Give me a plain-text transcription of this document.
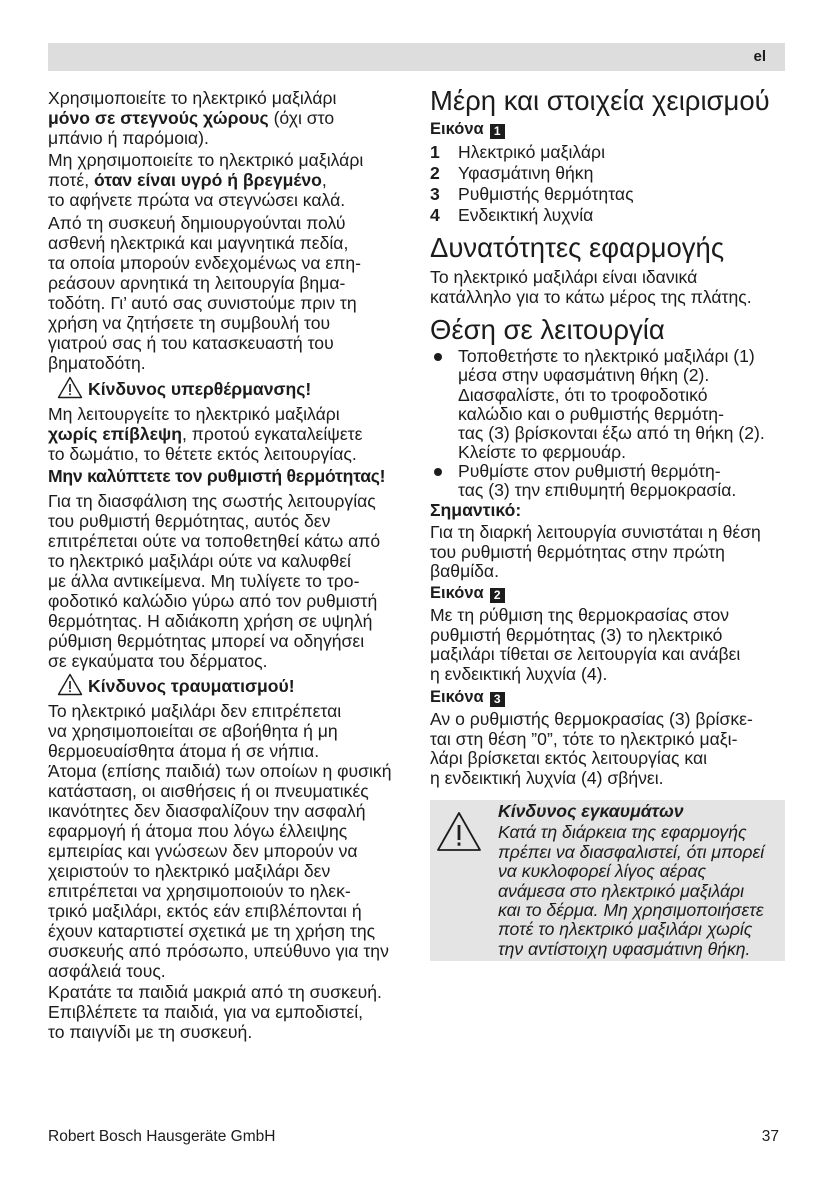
el
Χρησιμοποιείτε το ηλεκτρικό μαξιλάρι
μόνο σε στεγνούς χώρους (όχι στο
μπάνιο ή παρόμοια).
Μη χρησιμοποιείτε το ηλεκτρικό μαξιλάρι
ποτέ, όταν είναι υγρό ή βρεγμένο,
το αφήνετε πρώτα να στεγνώσει καλά.
Από τη συσκευή δημιουργούνται πολύ
ασθενή ηλεκτρικά και μαγνητικά πεδία,
τα οποία μπορούν ενδεχομένως να επη-
ρεάσουν αρνητικά τη λειτουργία βημα-
τοδότη. Γι’ αυτό σας συνιστούμε πριν τη
χρήση να ζητήσετε τη συμβουλή του
γιατρού σας ή του κατασκευαστή του
βηματοδότη.
Κίνδυνος υπερθέρμανσης!
Μη λειτουργείτε το ηλεκτρικό μαξιλάρι
χωρίς επίβλεψη, προτού εγκαταλείψετε
το δωμάτιο, το θέτετε εκτός λειτουργίας.
Μην καλύπτετε τον ρυθμιστή θερμότητας!
Για τη διασφάλιση της σωστής λειτουργίας
του ρυθμιστή θερμότητας, αυτός δεν
επιτρέπεται ούτε να τοποθετηθεί κάτω από
το ηλεκτρικό μαξιλάρι ούτε να καλυφθεί
με άλλα αντικείμενα. Μη τυλίγετε το τρο-
φοδοτικό καλώδιο γύρω από τον ρυθμιστή
θερμότητας. Η αδιάκοπη χρήση σε υψηλή
ρύθμιση θερμότητας μπορεί να οδηγήσει
σε εγκαύματα του δέρματος.
Κίνδυνος τραυματισμού!
Το ηλεκτρικό μαξιλάρι δεν επιτρέπεται
να χρησιμοποιείται σε αβοήθητα ή μη
θερμοευαίσθητα άτομα ή σε νήπια.
Άτομα (επίσης παιδιά) των οποίων η φυσική
κατάσταση, οι αισθήσεις ή οι πνευματικές
ικανότητες δεν διασφαλίζουν την ασφαλή
εφαρμογή ή άτομα που λόγω έλλειψης
εμπειρίας και γνώσεων δεν μπορούν να
χειριστούν το ηλεκτρικό μαξιλάρι δεν
επιτρέπεται να χρησιμοποιούν το ηλεκ-
τρικό μαξιλάρι, εκτός εάν επιβλέπονται ή
έχουν καταρτιστεί σχετικά με τη χρήση της
συσκευής από πρόσωπο, υπεύθυνο για την
ασφάλειά τους.
Κρατάτε τα παιδιά μακριά από τη συσκευή.
Επιβλέπετε τα παιδιά, για να εμποδιστεί,
το παιγνίδι με τη συσκευή.
Μέρη και στοιχεία χειρισμού
Εικόνα 1
1 Ηλεκτρικό μαξιλάρι
2 Υφασμάτινη θήκη
3 Ρυθμιστής θερμότητας
4 Ενδεικτική λυχνία
Δυνατότητες εφαρμογής
Το ηλεκτρικό μαξιλάρι είναι ιδανικά
κατάλληλο για το κάτω μέρος της πλάτης.
Θέση σε λειτουργία
Τοποθετήστε το ηλεκτρικό μαξιλάρι (1)
μέσα στην υφασμάτινη θήκη (2).
Διασφαλίστε, ότι το τροφοδοτικό
καλώδιο και ο ρυθμιστής θερμότη-
τας (3) βρίσκονται έξω από τη θήκη (2).
Κλείστε το φερμουάρ.
Ρυθμίστε στον ρυθμιστή θερμότη-
τας (3) την επιθυμητή θερμοκρασία.
Σημαντικό:
Για τη διαρκή λειτουργία συνιστάται η θέση
του ρυθμιστή θερμότητας στην πρώτη
βαθμίδα.
Εικόνα 2
Με τη ρύθμιση της θερμοκρασίας στον
ρυθμιστή θερμότητας (3) το ηλεκτρικό
μαξιλάρι τίθεται σε λειτουργία και ανάβει
η ενδεικτική λυχνία (4).
Εικόνα 3
Αν ο ρυθμιστής θερμοκρασίας (3) βρίσκε-
ται στη θέση ”0”, τότε το ηλεκτρικό μαξι-
λάρι βρίσκεται εκτός λειτουργίας και
η ενδεικτική λυχνία (4) σβήνει.
Κίνδυνος εγκαυμάτων
Κατά τη διάρκεια της εφαρμογής
πρέπει να διασφαλιστεί, ότι μπορεί
να κυκλοφορεί λίγος αέρας
ανάμεσα στο ηλεκτρικό μαξιλάρι
και το δέρμα. Μη χρησιμοποιήσετε
ποτέ το ηλεκτρικό μαξιλάρι χωρίς
την αντίστοιχη υφασμάτινη θήκη.
Robert Bosch Hausgeräte GmbH	37
